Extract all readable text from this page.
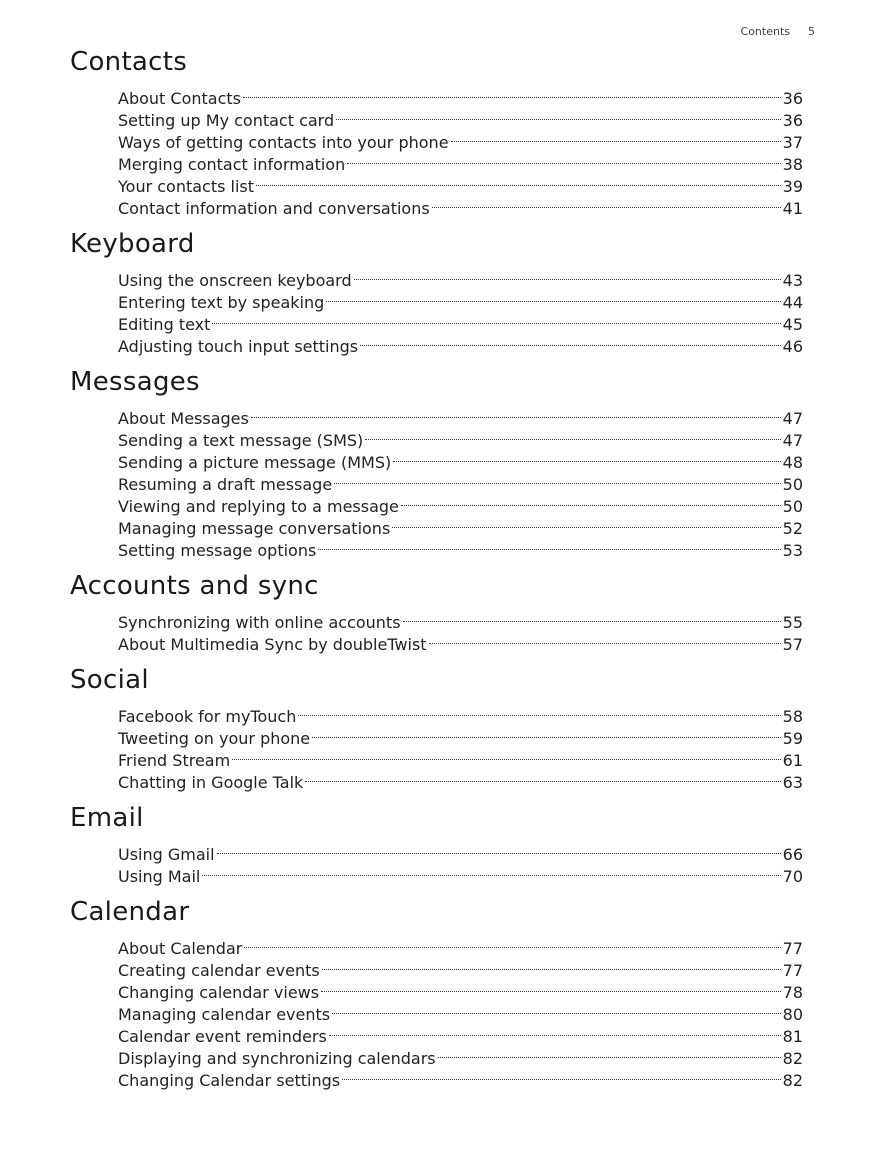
Contents 5
Contacts
About Contacts	36
Setting up My contact card	36
Ways of getting contacts into your phone	37
Merging contact information	38
Your contacts list	39
Contact information and conversations	41
Keyboard
Using the onscreen keyboard	43
Entering text by speaking	44
Editing text	45
Adjusting touch input settings	46
Messages
About Messages	47
Sending a text message (SMS)	47
Sending a picture message (MMS)	48
Resuming a draft message	50
Viewing and replying to a message	50
Managing message conversations	52
Setting message options	53
Accounts and sync
Synchronizing with online accounts	55
About Multimedia Sync by doubleTwist	57
Social
Facebook for myTouch	58
Tweeting on your phone	59
Friend Stream	61
Chatting in Google Talk	63
Email
Using Gmail	66
Using Mail	70
Calendar
About Calendar	77
Creating calendar events	77
Changing calendar views	78
Managing calendar events	80
Calendar event reminders	81
Displaying and synchronizing calendars	82
Changing Calendar settings	82
